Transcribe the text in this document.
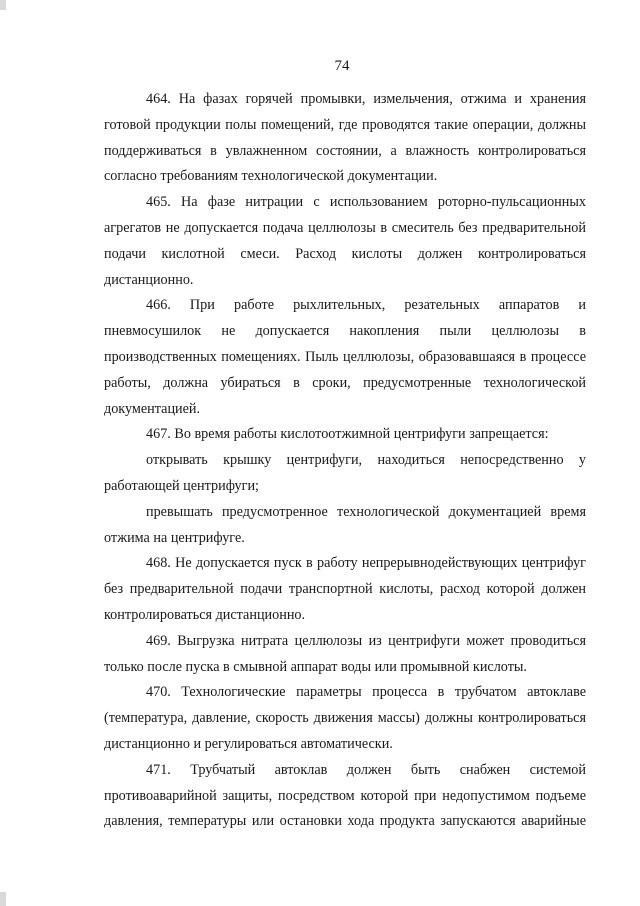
74

464. На фазах горячей промывки, измельчения, отжима и хранения готовой продукции полы помещений, где проводятся такие операции, должны поддерживаться в увлажненном состоянии, а влажность контролироваться согласно требованиям технологической документации.

465. На фазе нитрации с использованием роторно-пульсационных агрегатов не допускается подача целлюлозы в смеситель без предварительной подачи кислотной смеси. Расход кислоты должен контролироваться дистанционно.

466. При работе рыхлительных, резательных аппаратов и пневмосушилок не допускается накопления пыли целлюлозы в производственных помещениях. Пыль целлюлозы, образовавшаяся в процессе работы, должна убираться в сроки, предусмотренные технологической документацией.

467. Во время работы кислотоотжимной центрифуги запрещается:

открывать крышку центрифуги, находиться непосредственно у работающей центрифуги;

превышать предусмотренное технологической документацией время отжима на центрифуге.

468. Не допускается пуск в работу непрерывнодействующих центрифуг без предварительной подачи транспортной кислоты, расход которой должен контролироваться дистанционно.

469. Выгрузка нитрата целлюлозы из центрифуги может проводиться только после пуска в смывной аппарат воды или промывной кислоты.

470. Технологические параметры процесса в трубчатом автоклаве (температура, давление, скорость движения массы) должны контролироваться дистанционно и регулироваться автоматически.

471. Трубчатый автоклав должен быть снабжен системой противоаварийной защиты, посредством которой при недопустимом подъеме давления, температуры или остановки хода продукта запускаются аварийные
